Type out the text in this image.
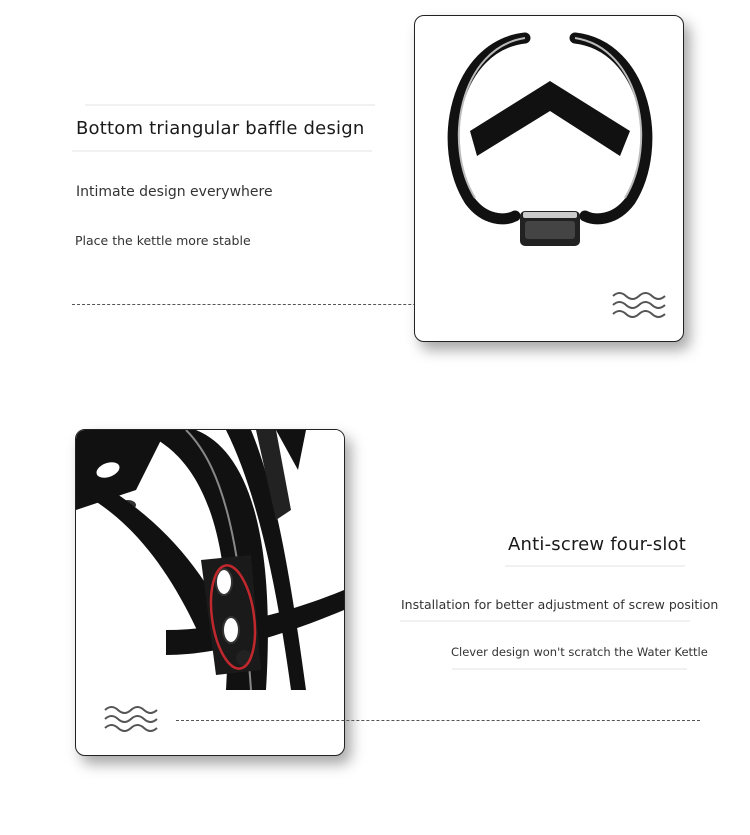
Bottom triangular baffle design
Intimate design everywhere
Place the kettle more stable
Anti-screw four-slot
Installation for better adjustment of screw position
Clever design won't scratch the Water Kettle
